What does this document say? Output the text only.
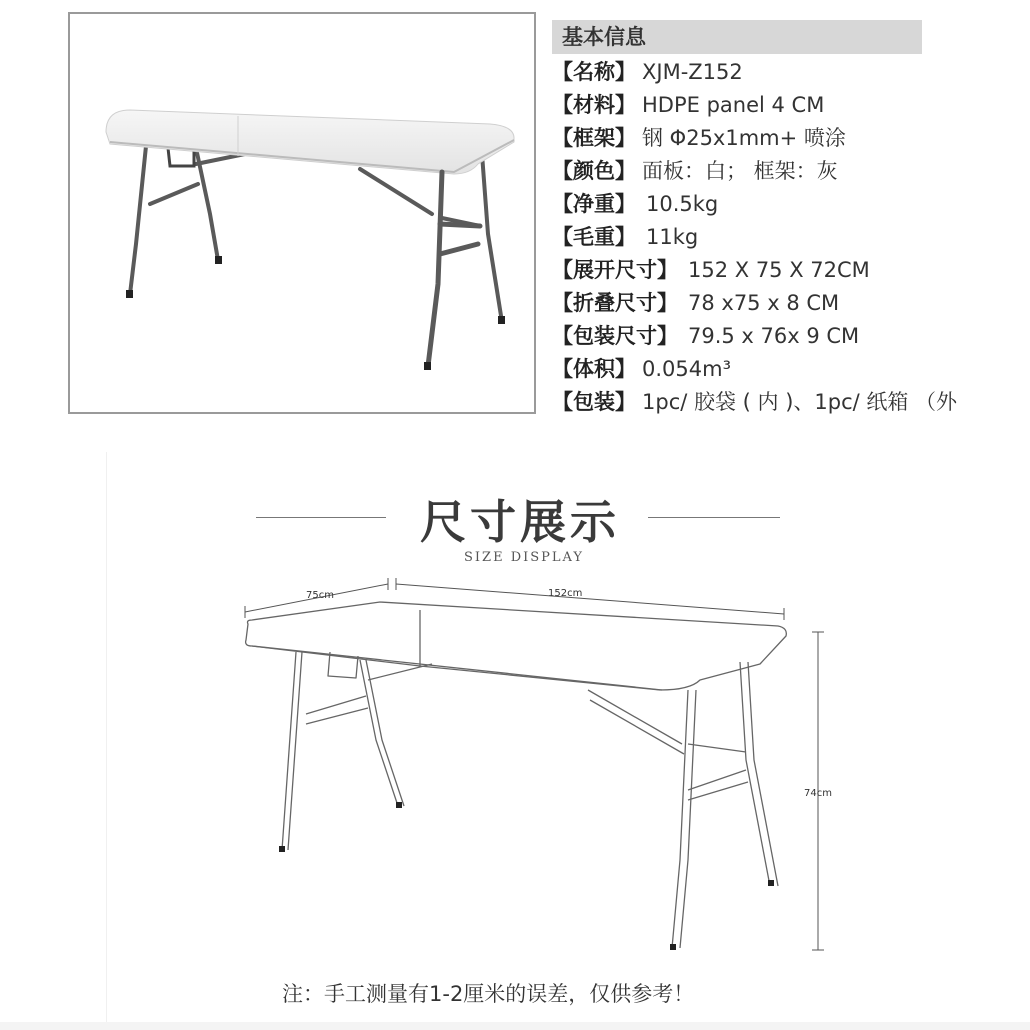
基本信息
【名称】 XJM-Z152
【材料】 HDPE panel 4 CM
【框架】 钢 Φ25x1mm+ 喷涂
【颜色】 面板：白； 框架：灰
【净重】 10.5kg
【毛重】 11kg
【展开尺寸】 152 X 75 X 72CM
【折叠尺寸】 78 x75 x 8 CM
【包装尺寸】 79.5 x 76x 9 CM
【体积】 0.054m³
【包装】 1pc/ 胶袋 ( 内 )、1pc/ 纸箱 （外
尺寸展示
SIZE DISPLAY
75cm	152cm
74cm
注：手工测量有1-2厘米的误差，仅供参考！
